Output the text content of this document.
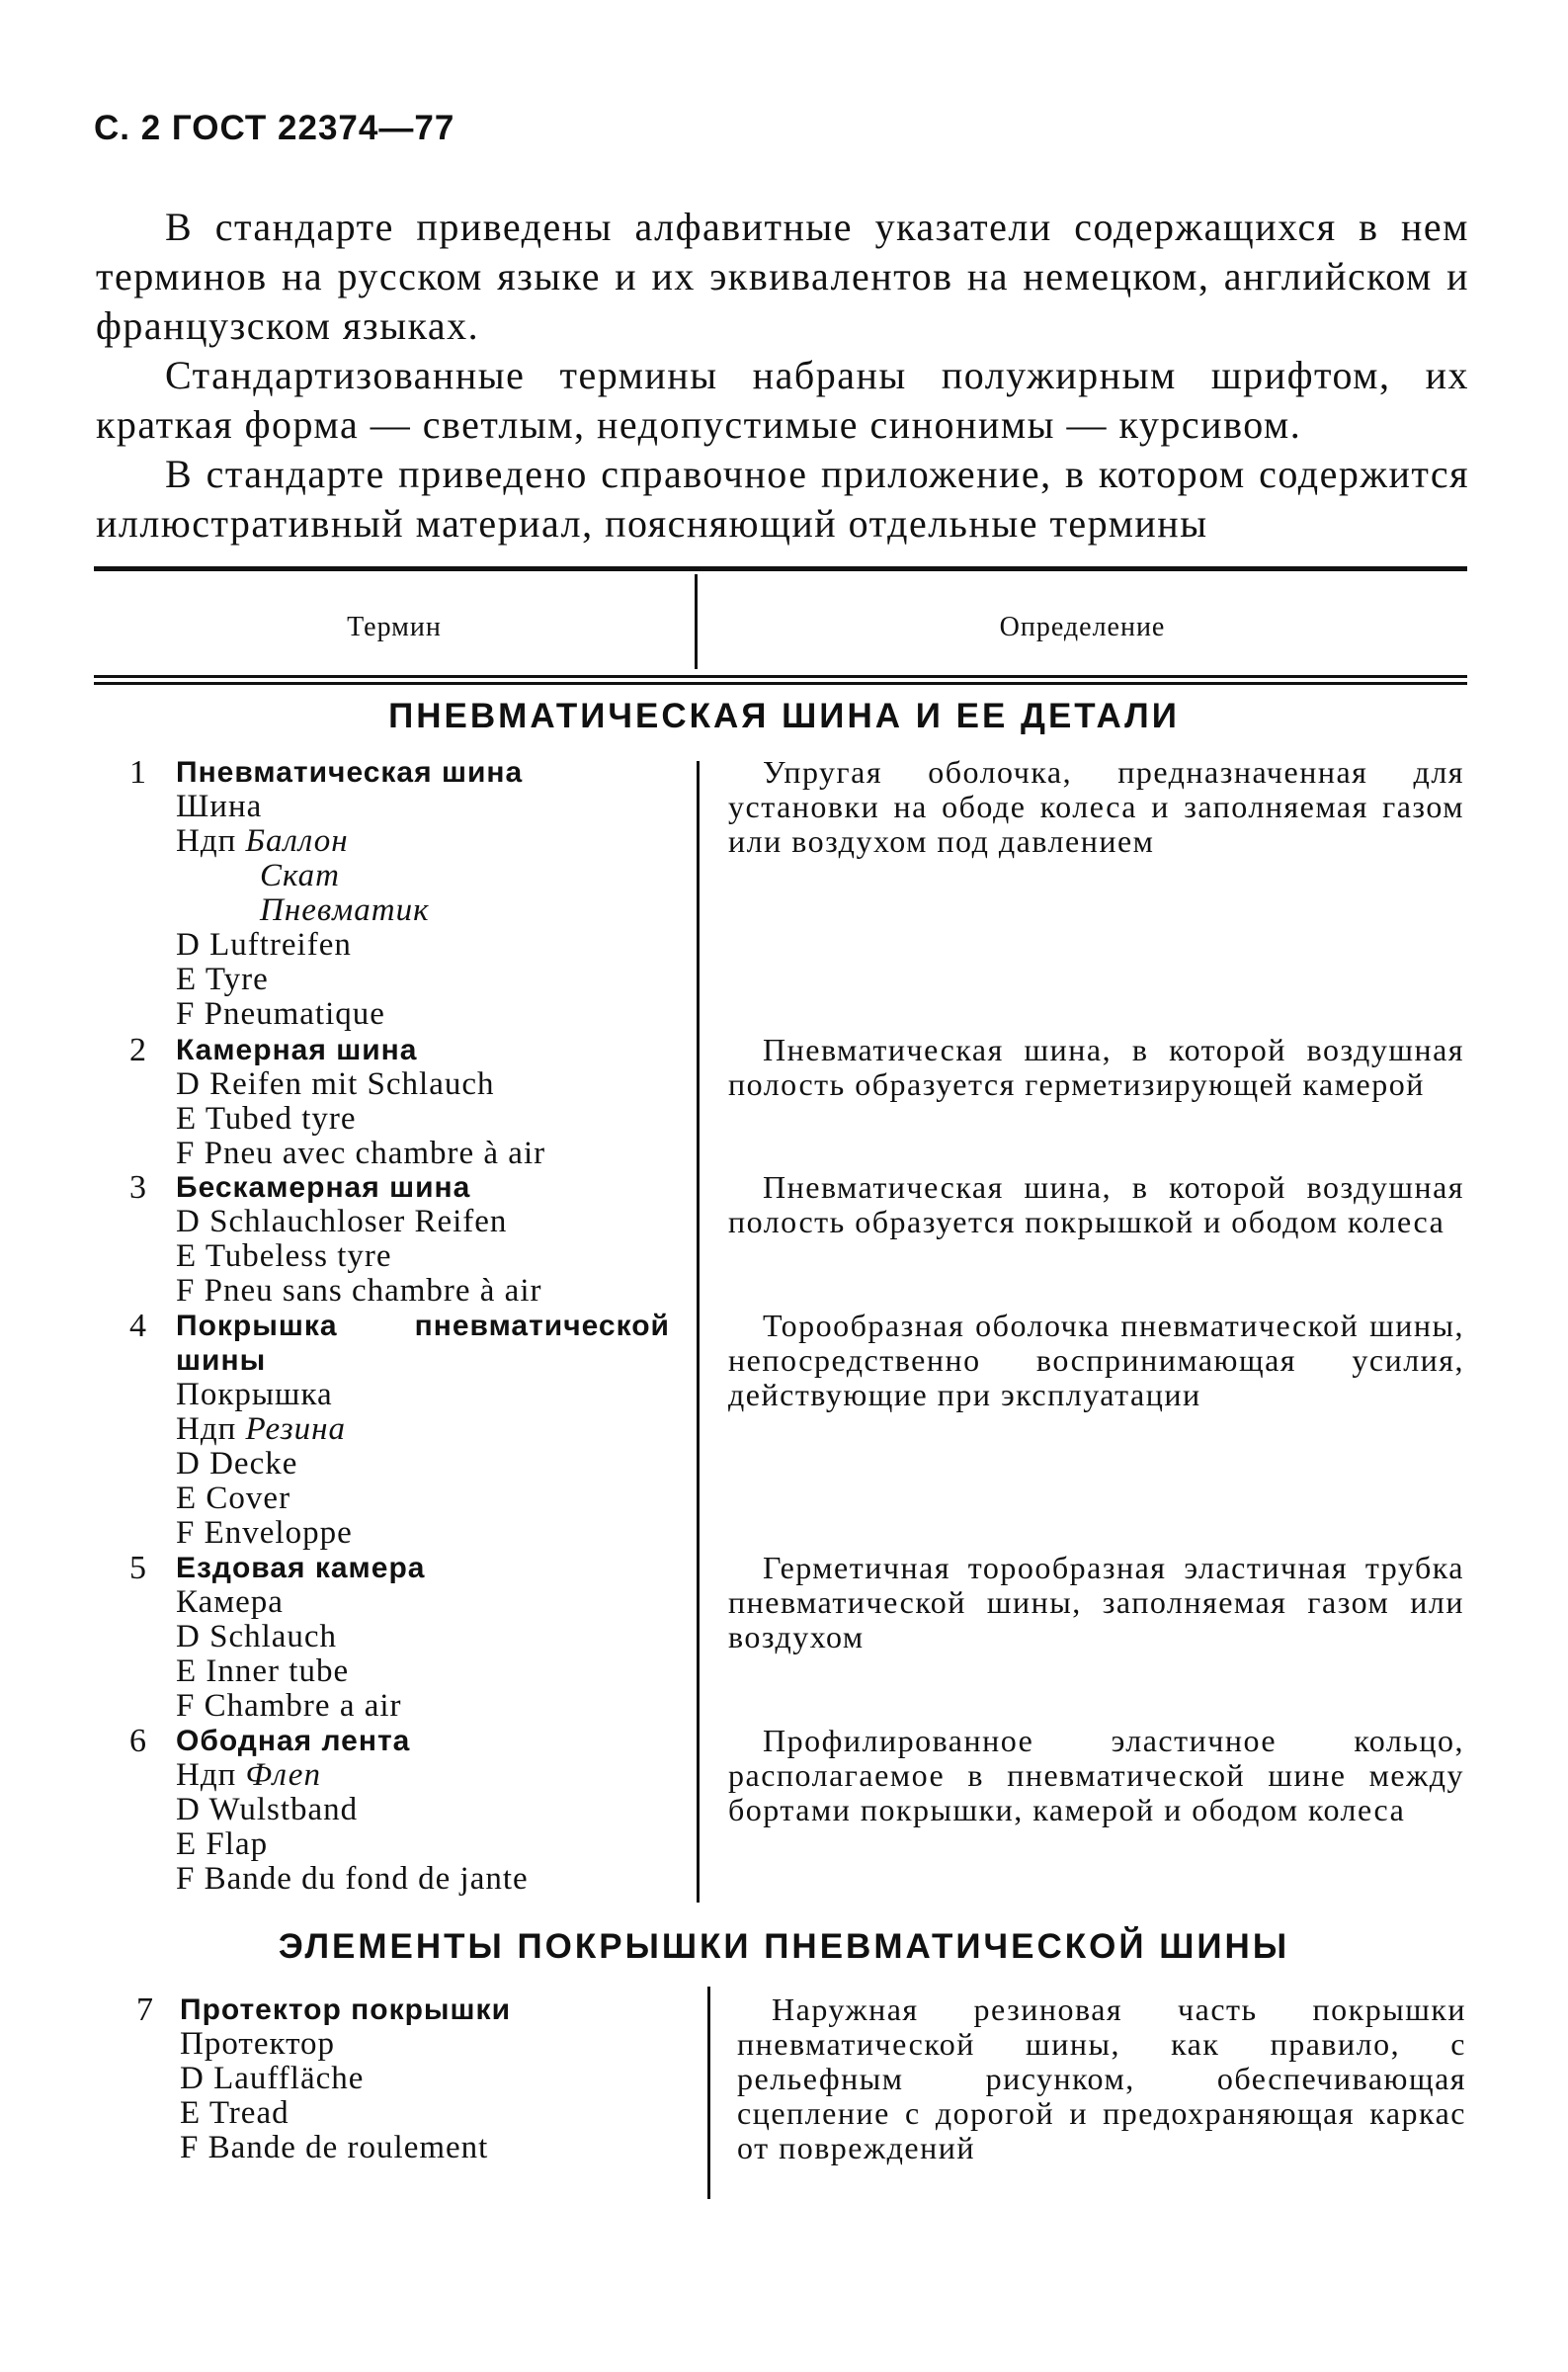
С. 2 ГОСТ 22374—77

В стандарте приведены алфавитные указатели содержащихся в нем терминов на русском языке и их эквивалентов на немецком, английском и французском языках.

Стандартизованные термины набраны полужирным шрифтом, их краткая форма — светлым, недопустимые синонимы — курсивом.

В стандарте приведено справочное приложение, в котором содержится иллюстративный материал, поясняющий отдельные термины

Термин	Определение
ПНЕВМАТИЧЕСКАЯ ШИНА И ЕЕ ДЕТАЛИ
1 Пневматическая шина
Шина
Ндп Баллон
Скат
Пневматик
D Luftreifen
E Tyre
F Pneumatique
Упругая оболочка, предназначенная для установки на ободе колеса и заполняемая газом или воздухом под давлением
2 Камерная шина
D Reifen mit Schlauch
E Tubed tyre
F Pneu avec chambre à air
Пневматическая шина, в которой воздушная полость образуется герметизирующей камерой
3 Бескамерная шина
D Schlauchloser Reifen
E Tubeless tyre
F Pneu sans chambre à air
Пневматическая шина, в которой воздушная полость образуется покрышкой и ободом колеса
4 Покрышка пневматической
шины
Покрышка
Ндп Резина
D Decke
E Cover
F Enveloppe
Торообразная оболочка пневматической шины, непосредственно воспринимающая усилия, действующие при эксплуатации
5 Ездовая камера
Камера
D Schlauch
E Inner tube
F Chambre a air
Герметичная торообразная эластичная трубка пневматической шины, заполняемая газом или воздухом
6 Ободная лента
Ндп Флеп
D Wulstband
E Flap
F Bande du fond de jante
Профилированное эластичное кольцо, располагаемое в пневматической шине между бортами покрышки, камерой и ободом колеса
ЭЛЕМЕНТЫ ПОКРЫШКИ ПНЕВМАТИЧЕСКОЙ ШИНЫ
7 Протектор покрышки
Протектор
D Lauffläche
E Tread
F Bande de roulement
Наружная резиновая часть покрышки пневматической шины, как правило, с рельефным рисунком, обеспечивающая сцепление с дорогой и предохраняющая каркас от повреждений
